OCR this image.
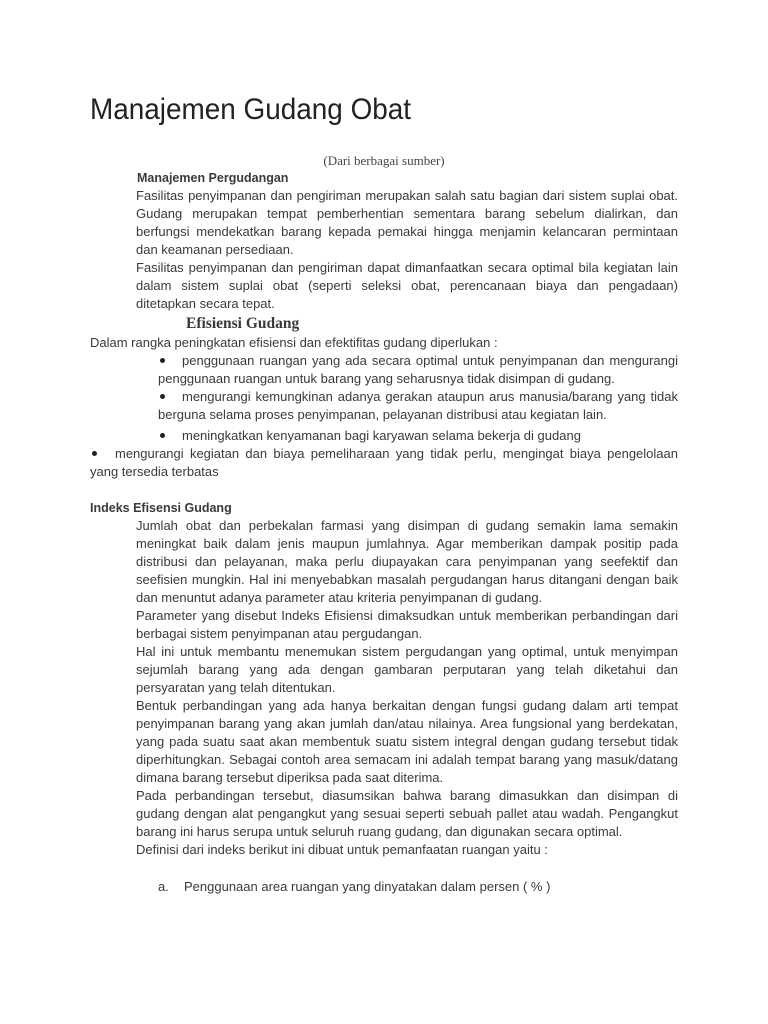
Manajemen Gudang Obat
(Dari berbagai sumber)
Manajemen Pergudangan

Fasilitas penyimpanan dan pengiriman merupakan salah satu bagian dari sistem suplai obat. Gudang merupakan tempat pemberhentian sementara barang sebelum dialirkan, dan berfungsi mendekatkan barang kepada pemakai hingga menjamin kelancaran permintaan dan keamanan persediaan.

Fasilitas penyimpanan dan pengiriman dapat dimanfaatkan secara optimal bila kegiatan lain dalam sistem suplai obat (seperti seleksi obat, perencanaan biaya dan pengadaan) ditetapkan secara tepat.

Efisiensi Gudang
Dalam rangka peningkatan efisiensi dan efektifitas gudang diperlukan :
penggunaan ruangan yang ada secara optimal untuk penyimpanan dan mengurangi penggunaan ruangan untuk barang yang seharusnya tidak disimpan di gudang.
mengurangi kemungkinan adanya gerakan ataupun arus manusia/barang yang tidak berguna selama proses penyimpanan, pelayanan distribusi atau kegiatan lain.
meningkatkan kenyamanan bagi karyawan selama bekerja di gudang
mengurangi kegiatan dan biaya pemeliharaan yang tidak perlu, mengingat biaya pengelolaan yang tersedia terbatas
Indeks Efisensi Gudang

Jumlah obat dan perbekalan farmasi yang disimpan di gudang semakin lama semakin meningkat baik dalam jenis maupun jumlahnya. Agar memberikan dampak positip pada distribusi dan pelayanan, maka perlu diupayakan cara penyimpanan yang seefektif dan seefisien mungkin. Hal ini menyebabkan masalah pergudangan harus ditangani dengan baik dan menuntut adanya parameter atau kriteria penyimpanan di gudang.

Parameter yang disebut Indeks Efisiensi dimaksudkan untuk memberikan perbandingan dari berbagai sistem penyimpanan atau pergudangan.

Hal ini untuk membantu menemukan sistem pergudangan yang optimal, untuk menyimpan sejumlah barang yang ada dengan gambaran perputaran yang telah diketahui dan persyaratan yang telah ditentukan.

Bentuk perbandingan yang ada hanya berkaitan dengan fungsi gudang dalam arti tempat penyimpanan barang yang akan jumlah dan/atau nilainya. Area fungsional yang berdekatan, yang pada suatu saat akan membentuk suatu sistem integral dengan gudang tersebut tidak diperhitungkan. Sebagai contoh area semacam ini adalah tempat barang yang masuk/datang dimana barang tersebut diperiksa pada saat diterima.

Pada perbandingan tersebut, diasumsikan bahwa barang dimasukkan dan disimpan di gudang dengan alat pengangkut yang sesuai seperti sebuah pallet atau wadah. Pengangkut barang ini harus serupa untuk seluruh ruang gudang, dan digunakan secara optimal.

Definisi dari indeks berikut ini dibuat untuk pemanfaatan ruangan yaitu :

a. Penggunaan area ruangan yang dinyatakan dalam persen ( % )
